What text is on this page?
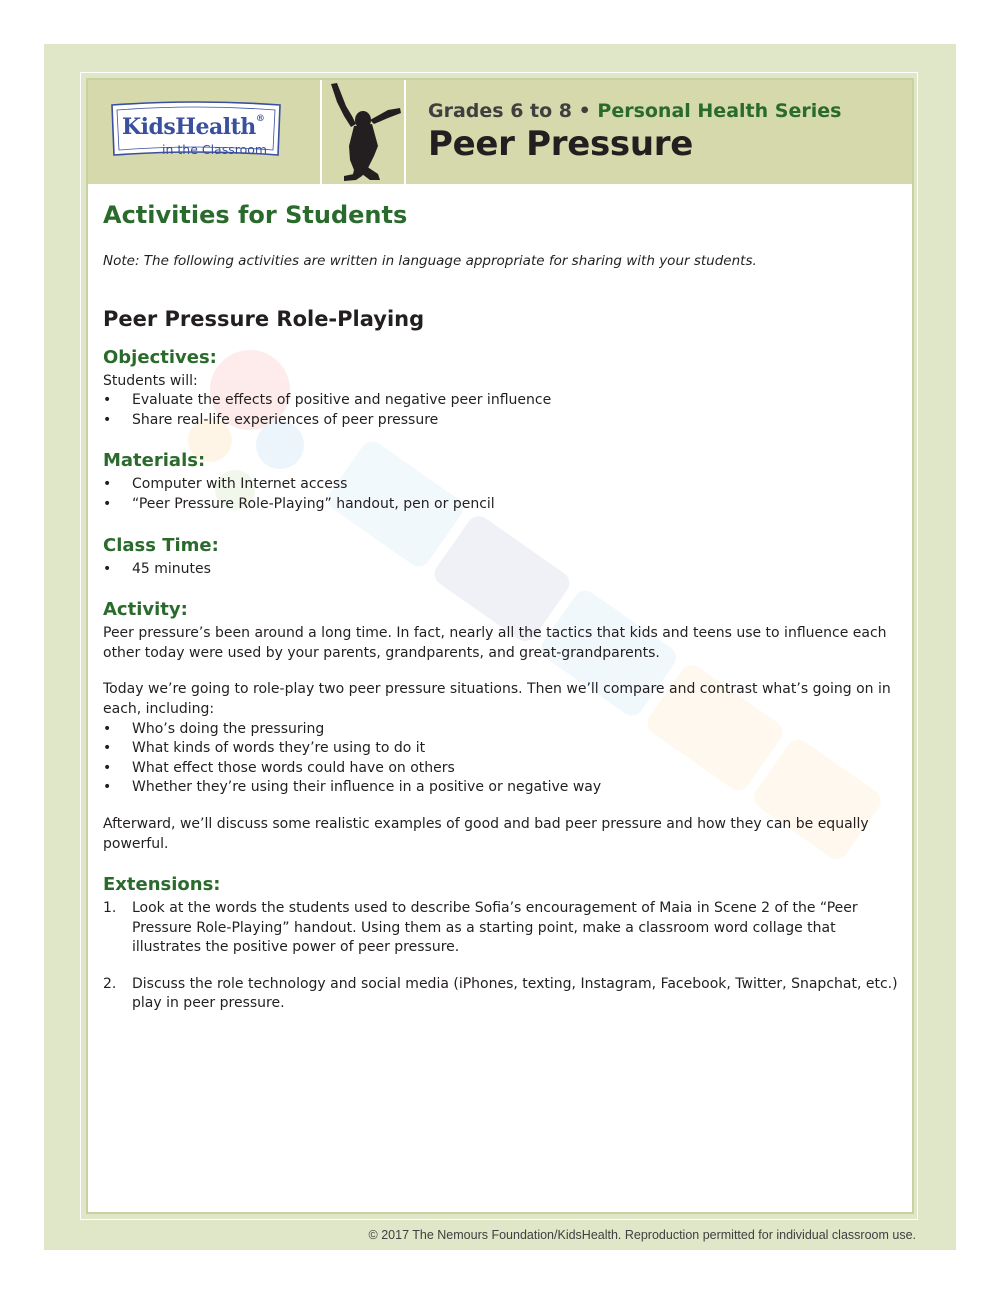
KidsHealth®
in the Classroom
Grades 6 to 8 • Personal Health Series
Peer Pressure
Activities for Students
Note: The following activities are written in language appropriate for sharing with your students.
Peer Pressure Role-Playing
Objectives:

Students will:

• Evaluate the effects of positive and negative peer influence
• Share real-life experiences of peer pressure
Materials:
• Computer with Internet access
• “Peer Pressure Role-Playing” handout, pen or pencil
Class Time:
• 45 minutes
Activity:

Peer pressure’s been around a long time. In fact, nearly all the tactics that kids and teens use to influence each other today were used by your parents, grandparents, and great-grandparents.

Today we’re going to role-play two peer pressure situations. Then we’ll compare and contrast what’s going on in each, including:

• Who’s doing the pressuring
• What kinds of words they’re using to do it
• What effect those words could have on others
• Whether they’re using their influence in a positive or negative way

Afterward, we’ll discuss some realistic examples of good and bad peer pressure and how they can be equally powerful.

Extensions:
1. Look at the words the students used to describe Sofia’s encouragement of Maia in Scene 2 of the “Peer Pressure Role-Playing” handout. Using them as a starting point, make a classroom word collage that illustrates the positive power of peer pressure.
2. Discuss the role technology and social media (iPhones, texting, Instagram, Facebook, Twitter, Snapchat, etc.) play in peer pressure.
© 2017 The Nemours Foundation/KidsHealth. Reproduction permitted for individual classroom use.
